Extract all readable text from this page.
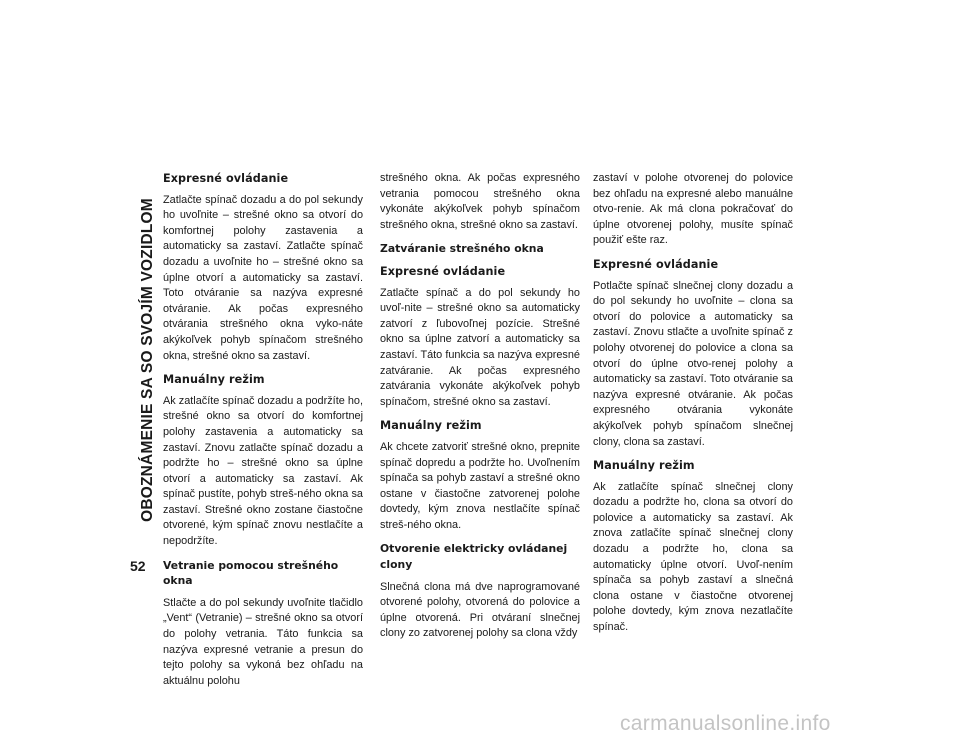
OBOZNÁMENIE SA SO SVOJÍM VOZIDLOM
52
Expresné ovládanie

Zatlačte spínač dozadu a do pol sekundy ho uvoľnite – strešné okno sa otvorí do komfortnej polohy zastavenia a automaticky sa zastaví. Zatlačte spínač dozadu a uvoľnite ho – strešné okno sa úplne otvorí a automaticky sa zastaví. Toto otváranie sa nazýva expresné otváranie. Ak počas expresného otvárania strešného okna vyko-náte akýkoľvek pohyb spínačom strešného okna, strešné okno sa zastaví.

Manuálny režim

Ak zatlačíte spínač dozadu a podržíte ho, strešné okno sa otvorí do komfortnej polohy zastavenia a automaticky sa zastaví. Znovu zatlačte spínač dozadu a podržte ho – strešné okno sa úplne otvorí a automaticky sa zastaví. Ak spínač pustíte, pohyb streš-ného okna sa zastaví. Strešné okno zostane čiastočne otvorené, kým spínač znovu nestlačíte a nepodržíte.

Vetranie pomocou strešného okna

Stlačte a do pol sekundy uvoľnite tlačidlo „Vent“ (Vetranie) – strešné okno sa otvorí do polohy vetrania. Táto funkcia sa nazýva expresné vetranie a presun do tejto polohy sa vykoná bez ohľadu na aktuálnu polohu

strešného okna. Ak počas expresného vetrania pomocou strešného okna vykonáte akýkoľvek pohyb spínačom strešného okna, strešné okno sa zastaví.

Zatváranie strešného okna
Expresné ovládanie

Zatlačte spínač a do pol sekundy ho uvoľ-nite – strešné okno sa automaticky zatvorí z ľubovoľnej pozície. Strešné okno sa úplne zatvorí a automaticky sa zastaví. Táto funkcia sa nazýva expresné zatváranie. Ak počas expresného zatvárania vykonáte akýkoľvek pohyb spínačom, strešné okno sa zastaví.

Manuálny režim

Ak chcete zatvoriť strešné okno, prepnite spínač dopredu a podržte ho. Uvoľnením spínača sa pohyb zastaví a strešné okno ostane v čiastočne zatvorenej polohe dovtedy, kým znova nestlačíte spínač streš-ného okna.

Otvorenie elektricky ovládanej clony

Slnečná clona má dve naprogramované otvorené polohy, otvorená do polovice a úplne otvorená. Pri otváraní slnečnej clony zo zatvorenej polohy sa clona vždy

zastaví v polohe otvorenej do polovice bez ohľadu na expresné alebo manuálne otvo-renie. Ak má clona pokračovať do úplne otvorenej polohy, musíte spínač použiť ešte raz.

Expresné ovládanie

Potlačte spínač slnečnej clony dozadu a do pol sekundy ho uvoľnite – clona sa otvorí do polovice a automaticky sa zastaví. Znovu stlačte a uvoľnite spínač z polohy otvorenej do polovice a clona sa otvorí do úplne otvo-renej polohy a automaticky sa zastaví. Toto otváranie sa nazýva expresné otváranie. Ak počas expresného otvárania vykonáte akýkoľvek pohyb spínačom slnečnej clony, clona sa zastaví.

Manuálny režim

Ak zatlačíte spínač slnečnej clony dozadu a podržte ho, clona sa otvorí do polovice a automaticky sa zastaví. Ak znova zatlačíte spínač slnečnej clony dozadu a podržte ho, clona sa automaticky úplne otvorí. Uvoľ-nením spínača sa pohyb zastaví a slnečná clona ostane v čiastočne otvorenej polohe dovtedy, kým znova nezatlačíte spínač.

carmanualsonline.info
